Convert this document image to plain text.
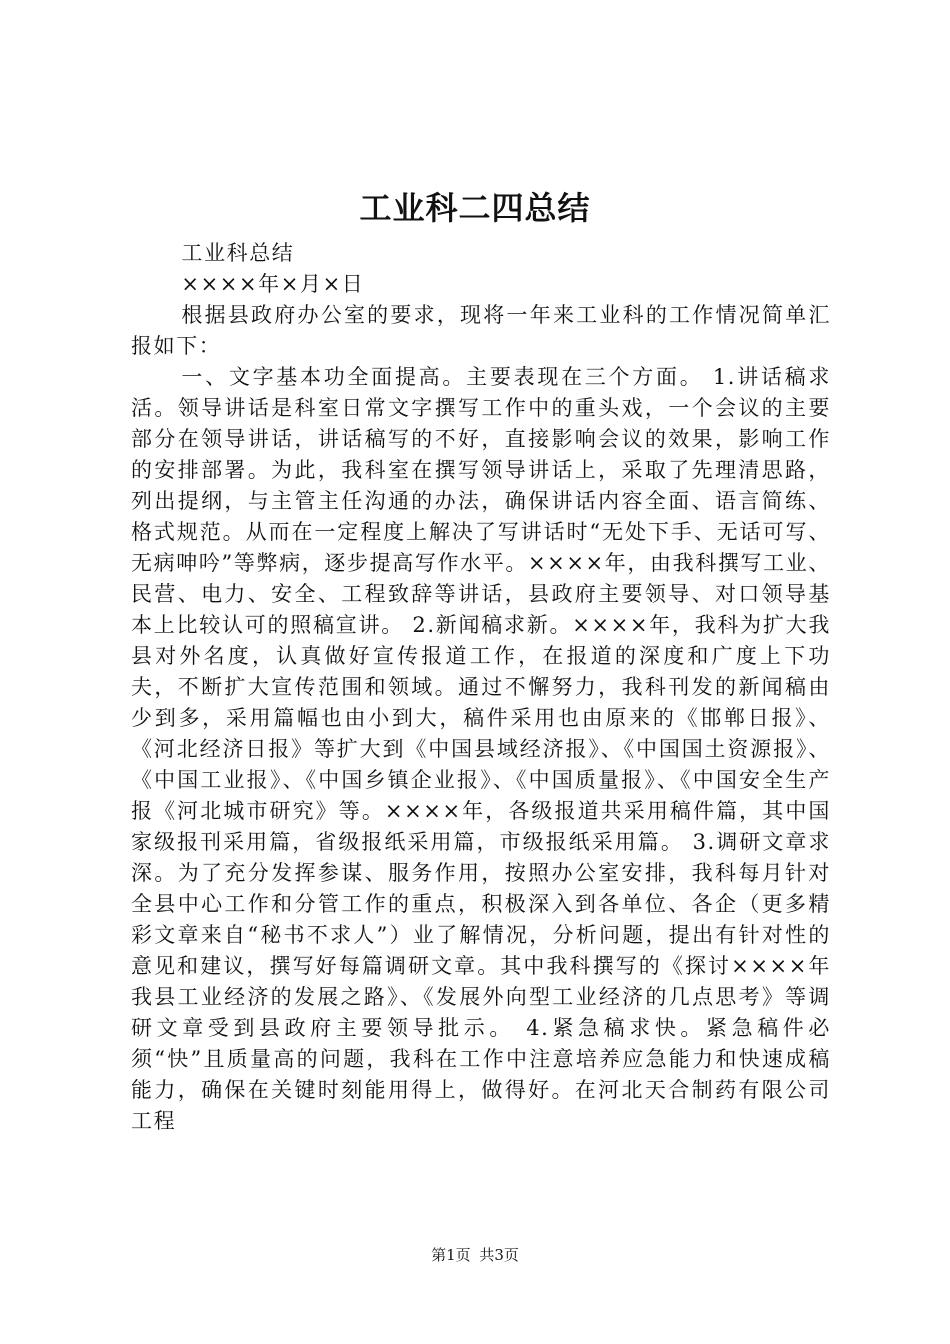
工业科二四总结

工业科总结

××××年×月×日

根据县政府办公室的要求，现将一年来工业科的工作情况简单汇报如下：

一、文字基本功全面提高。主要表现在三个方面。 1.讲话稿求活。领导讲话是科室日常文字撰写工作中的重头戏，一个会议的主要部分在领导讲话，讲话稿写的不好，直接影响会议的效果，影响工作的安排部署。为此，我科室在撰写领导讲话上，采取了先理清思路，列出提纲，与主管主任沟通的办法，确保讲话内容全面、语言简练、格式规范。从而在一定程度上解决了写讲话时“无处下手、无话可写、无病呻吟”等弊病，逐步提高写作水平。××××年，由我科撰写工业、民营、电力、安全、工程致辞等讲话，县政府主要领导、对口领导基本上比较认可的照稿宣讲。 2.新闻稿求新。××××年，我科为扩大我县对外名度，认真做好宣传报道工作，在报道的深度和广度上下功夫，不断扩大宣传范围和领域。通过不懈努力，我科刊发的新闻稿由少到多，采用篇幅也由小到大，稿件采用也由原来的《邯郸日报》、《河北经济日报》等扩大到《中国县域经济报》、《中国国土资源报》、《中国工业报》、《中国乡镇企业报》、《中国质量报》、《中国安全生产报《河北城市研究》等。××××年，各级报道共采用稿件篇，其中国家级报刊采用篇，省级报纸采用篇，市级报纸采用篇。 3.调研文章求深。为了充分发挥参谋、服务作用，按照办公室安排，我科每月针对全县中心工作和分管工作的重点，积极深入到各单位、各企（更多精彩文章来自“秘书不求人”）业了解情况，分析问题，提出有针对性的意见和建议，撰写好每篇调研文章。其中我科撰写的《探讨××××年我县工业经济的发展之路》、《发展外向型工业经济的几点思考》等调研文章受到县政府主要领导批示。 4.紧急稿求快。紧急稿件必须“快”且质量高的问题，我科在工作中注意培养应急能力和快速成稿能力，确保在关键时刻能用得上，做得好。在河北天合制药有限公司工程

第1页 共3页
